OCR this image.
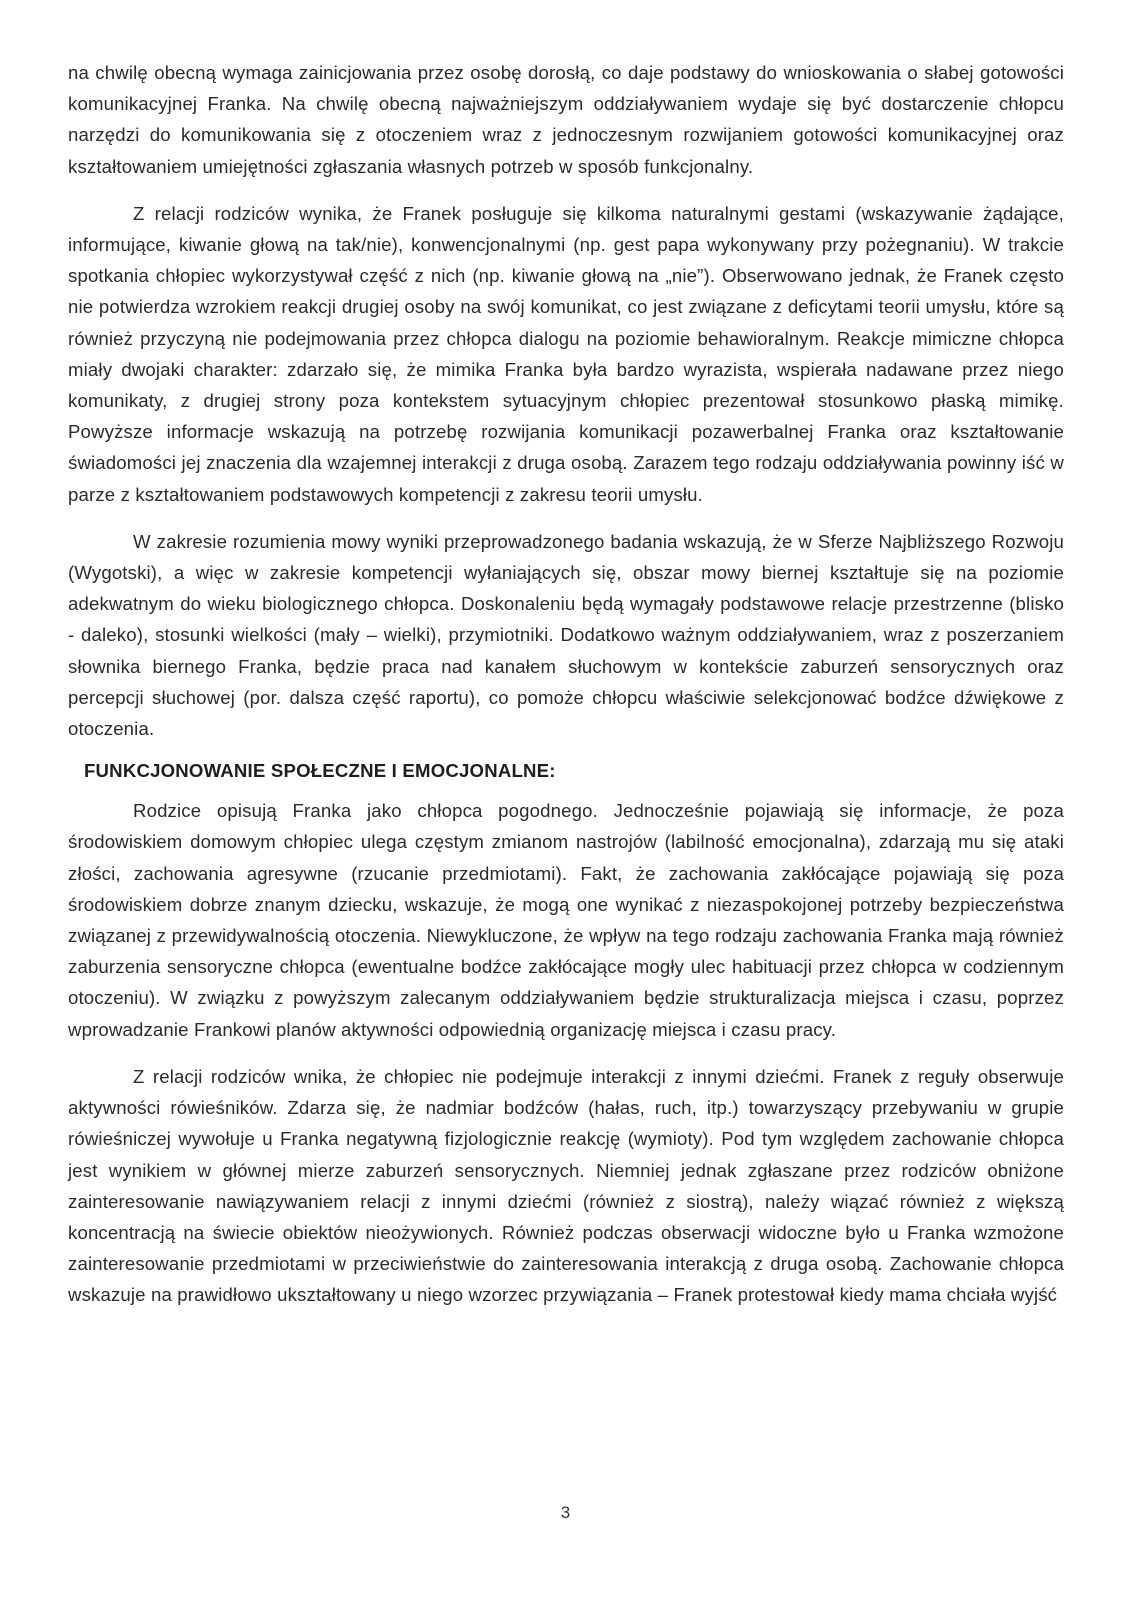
na chwilę obecną wymaga zainicjowania przez osobę dorosłą, co daje podstawy do wnioskowania o słabej gotowości komunikacyjnej Franka. Na chwilę obecną najważniejszym oddziaływaniem wydaje się być dostarczenie chłopcu narzędzi do komunikowania się z otoczeniem wraz z jednoczesnym rozwijaniem gotowości komunikacyjnej oraz kształtowaniem umiejętności zgłaszania własnych potrzeb w sposób funkcjonalny.

Z relacji rodziców wynika, że Franek posługuje się kilkoma naturalnymi gestami (wskazywanie żądające, informujące, kiwanie głową na tak/nie), konwencjonalnymi (np. gest papa wykonywany przy pożegnaniu). W trakcie spotkania chłopiec wykorzystywał część z nich (np. kiwanie głową na „nie”). Obserwowano jednak, że Franek często nie potwierdza wzrokiem reakcji drugiej osoby na swój komunikat, co jest związane z deficytami teorii umysłu, które są również przyczyną nie podejmowania przez chłopca dialogu na poziomie behawioralnym. Reakcje mimiczne chłopca miały dwojaki charakter: zdarzało się, że mimika Franka była bardzo wyrazista, wspierała nadawane przez niego komunikaty, z drugiej strony poza kontekstem sytuacyjnym chłopiec prezentował stosunkowo płaską mimikę. Powyższe informacje wskazują na potrzebę rozwijania komunikacji pozawerbalnej Franka oraz kształtowanie świadomości jej znaczenia dla wzajemnej interakcji z druga osobą. Zarazem tego rodzaju oddziaływania powinny iść w parze z kształtowaniem podstawowych kompetencji z zakresu teorii umysłu.

W zakresie rozumienia mowy wyniki przeprowadzonego badania wskazują, że w Sferze Najbliższego Rozwoju (Wygotski), a więc w zakresie kompetencji wyłaniających się, obszar mowy biernej kształtuje się na poziomie adekwatnym do wieku biologicznego chłopca. Doskonaleniu będą wymagały podstawowe relacje przestrzenne (blisko - daleko), stosunki wielkości (mały – wielki), przymiotniki. Dodatkowo ważnym oddziaływaniem, wraz z poszerzaniem słownika biernego Franka, będzie praca nad kanałem słuchowym w kontekście zaburzeń sensorycznych oraz percepcji słuchowej (por. dalsza część raportu), co pomoże chłopcu właściwie selekcjonować bodźce dźwiękowe z otoczenia.

FUNKCJONOWANIE SPOŁECZNE I EMOCJONALNE:

Rodzice opisują Franka jako chłopca pogodnego. Jednocześnie pojawiają się informacje, że poza środowiskiem domowym chłopiec ulega częstym zmianom nastrojów (labilność emocjonalna), zdarzają mu się ataki złości, zachowania agresywne (rzucanie przedmiotami). Fakt, że zachowania zakłócające pojawiają się poza środowiskiem dobrze znanym dziecku, wskazuje, że mogą one wynikać z niezaspokojonej potrzeby bezpieczeństwa związanej z przewidywalnością otoczenia. Niewykluczone, że wpływ na tego rodzaju zachowania Franka mają również zaburzenia sensoryczne chłopca (ewentualne bodźce zakłócające mogły ulec habituacji przez chłopca w codziennym otoczeniu). W związku z powyższym zalecanym oddziaływaniem będzie strukturalizacja miejsca i czasu, poprzez wprowadzanie Frankowi planów aktywności odpowiednią organizację miejsca i czasu pracy.

Z relacji rodziców wnika, że chłopiec nie podejmuje interakcji z innymi dziećmi. Franek z reguły obserwuje aktywności rówieśników. Zdarza się, że nadmiar bodźców (hałas, ruch, itp.) towarzyszący przebywaniu w grupie rówieśniczej wywołuje u Franka negatywną fizjologicznie reakcję (wymioty). Pod tym względem zachowanie chłopca jest wynikiem w głównej mierze zaburzeń sensorycznych. Niemniej jednak zgłaszane przez rodziców obniżone zainteresowanie nawiązywaniem relacji z innymi dziećmi (również z siostrą), należy wiązać również z większą koncentracją na świecie obiektów nieożywionych. Również podczas obserwacji widoczne było u Franka wzmożone zainteresowanie przedmiotami w przeciwieństwie do zainteresowania interakcją z druga osobą. Zachowanie chłopca wskazuje na prawidłowo ukształtowany u niego wzorzec przywiązania – Franek protestował kiedy mama chciała wyjść

3
